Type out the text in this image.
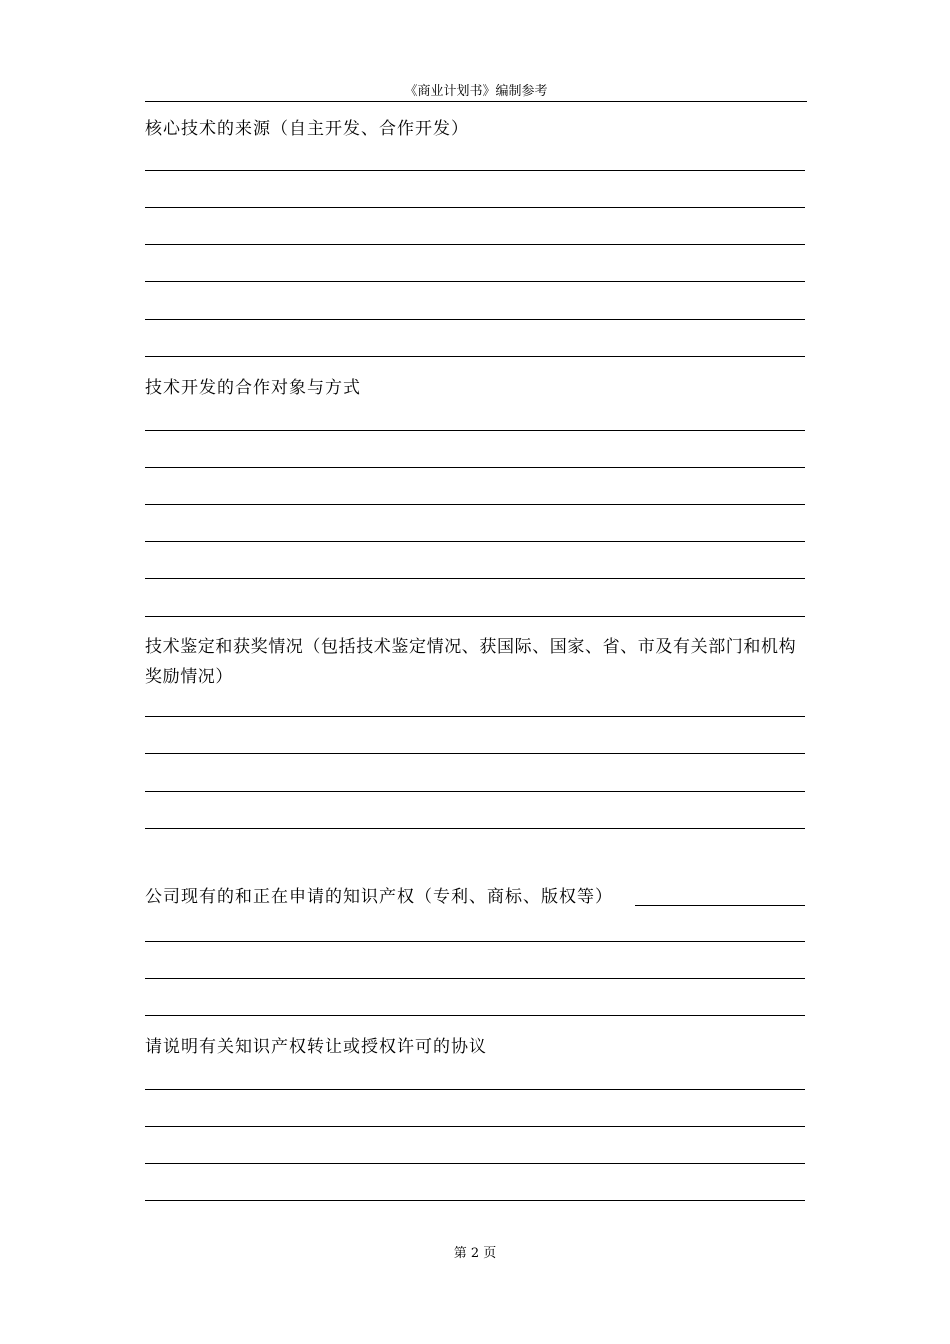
《商业计划书》编制参考
核心技术的来源（自主开发、合作开发）
技术开发的合作对象与方式
技术鉴定和获奖情况（包括技术鉴定情况、获国际、国家、省、市及有关部门和机构奖励情况）
公司现有的和正在申请的知识产权（专利、商标、版权等）
请说明有关知识产权转让或授权许可的协议
第 2 页
